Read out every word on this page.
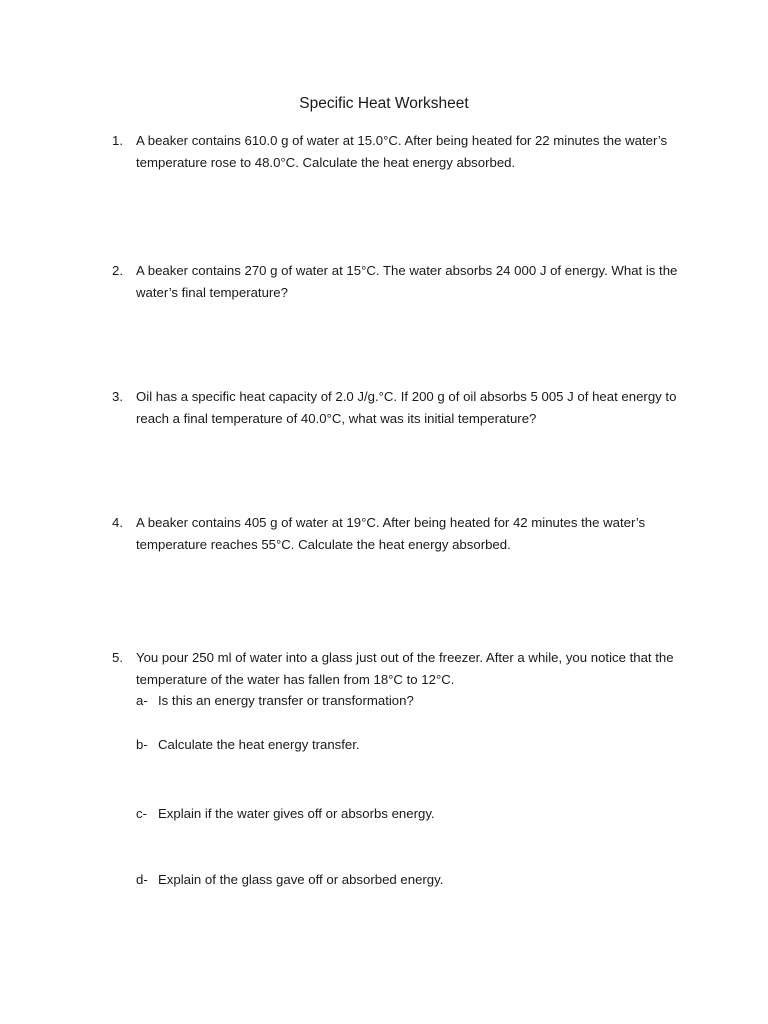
Specific Heat Worksheet
1. A beaker contains 610.0 g of water at 15.0°C. After being heated for 22 minutes the water’s temperature rose to 48.0°C. Calculate the heat energy absorbed.
2. A beaker contains 270 g of water at 15°C. The water absorbs 24 000 J of energy. What is the water’s final temperature?
3. Oil has a specific heat capacity of 2.0 J/g.°C. If 200 g of oil absorbs 5 005 J of heat energy to reach a final temperature of 40.0°C, what was its initial temperature?
4. A beaker contains 405 g of water at 19°C. After being heated for 42 minutes the water’s temperature reaches 55°C. Calculate the heat energy absorbed.
5. You pour 250 ml of water into a glass just out of the freezer. After a while, you notice that the temperature of the water has fallen from 18°C to 12°C.
a- Is this an energy transfer or transformation?
b- Calculate the heat energy transfer.
c- Explain if the water gives off or absorbs energy.
d- Explain of the glass gave off or absorbed energy.
